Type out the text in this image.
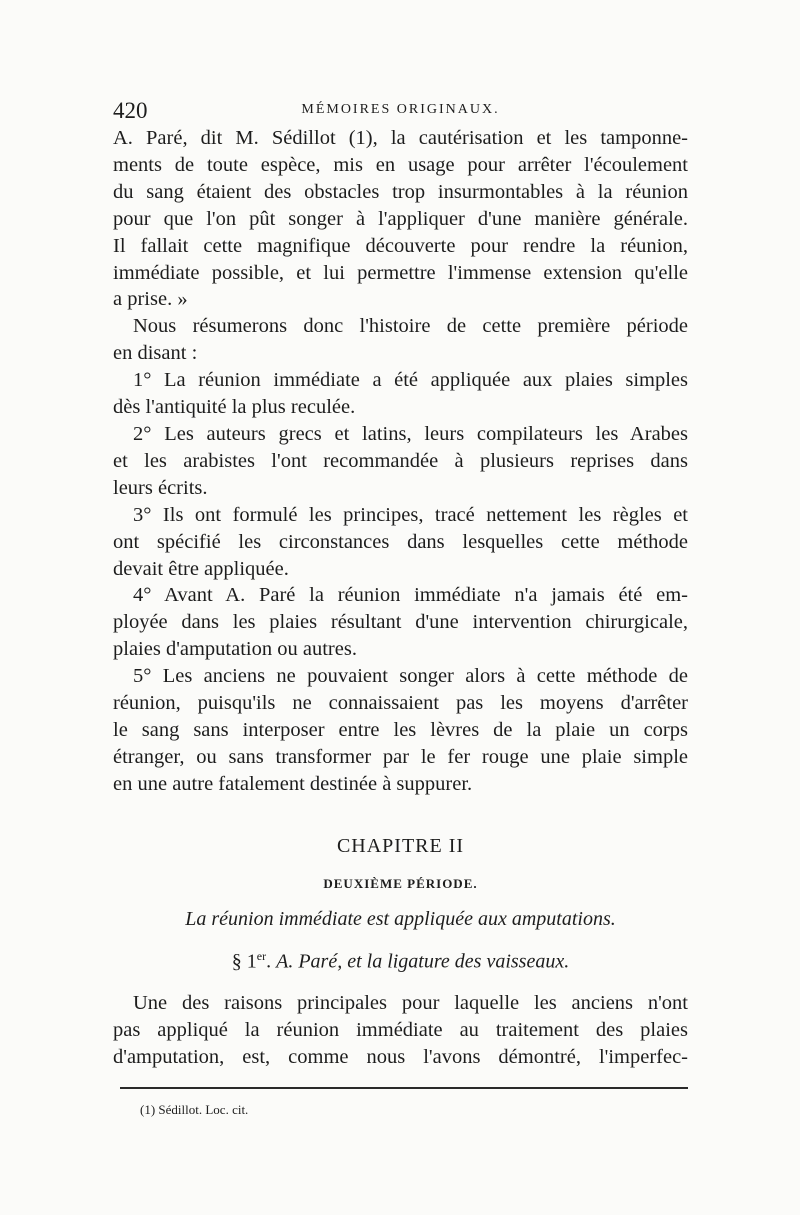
420	MÉMOIRES ORIGINAUX.

A. Paré, dit M. Sédillot (1), la cautérisation et les tamponne-

ments de toute espèce, mis en usage pour arrêter l'écoulement

du sang étaient des obstacles trop insurmontables à la réunion

pour que l'on pût songer à l'appliquer d'une manière générale.

Il fallait cette magnifique découverte pour rendre la réunion,

immédiate possible, et lui permettre l'immense extension qu'elle

a prise. »

Nous résumerons donc l'histoire de cette première période

en disant :

1° La réunion immédiate a été appliquée aux plaies simples

dès l'antiquité la plus reculée.

2° Les auteurs grecs et latins, leurs compilateurs les Arabes

et les arabistes l'ont recommandée à plusieurs reprises dans

leurs écrits.

3° Ils ont formulé les principes, tracé nettement les règles et

ont spécifié les circonstances dans lesquelles cette méthode

devait être appliquée.

4° Avant A. Paré la réunion immédiate n'a jamais été em-

ployée dans les plaies résultant d'une intervention chirurgicale,

plaies d'amputation ou autres.

5° Les anciens ne pouvaient songer alors à cette méthode de

réunion, puisqu'ils ne connaissaient pas les moyens d'arrêter

le sang sans interposer entre les lèvres de la plaie un corps

étranger, ou sans transformer par le fer rouge une plaie simple

en une autre fatalement destinée à suppurer.

CHAPITRE II
DEUXIÈME PÉRIODE.
La réunion immédiate est appliquée aux amputations.
§ 1er. A. Paré, et la ligature des vaisseaux.

Une des raisons principales pour laquelle les anciens n'ont

pas appliqué la réunion immédiate au traitement des plaies

d'amputation, est, comme nous l'avons démontré, l'imperfec-

(1) Sédillot. Loc. cit.
